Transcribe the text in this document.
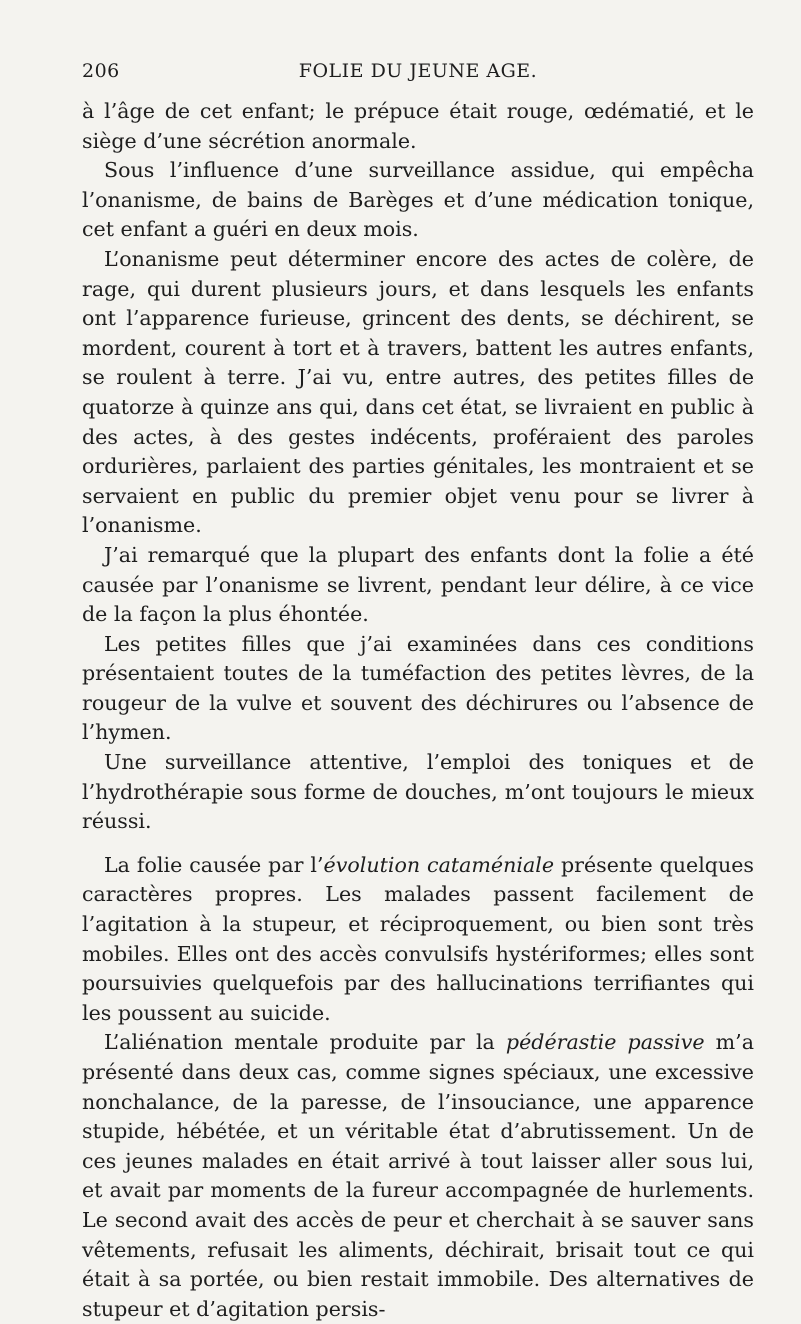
206	FOLIE DU JEUNE AGE.

à l’âge de cet enfant; le prépuce était rouge, œdématié, et le siège d’une sécrétion anormale.

Sous l’influence d’une surveillance assidue, qui empêcha l’onanisme, de bains de Barèges et d’une médication tonique, cet enfant a guéri en deux mois.

L’onanisme peut déterminer encore des actes de colère, de rage, qui durent plusieurs jours, et dans lesquels les enfants ont l’apparence furieuse, grincent des dents, se déchirent, se mordent, courent à tort et à travers, battent les autres enfants, se roulent à terre. J’ai vu, entre autres, des petites filles de quatorze à quinze ans qui, dans cet état, se livraient en public à des actes, à des gestes indécents, proféraient des paroles ordurières, parlaient des parties génitales, les montraient et se servaient en public du premier objet venu pour se livrer à l’onanisme.

J’ai remarqué que la plupart des enfants dont la folie a été causée par l’onanisme se livrent, pendant leur délire, à ce vice de la façon la plus éhontée.

Les petites filles que j’ai examinées dans ces conditions présentaient toutes de la tuméfaction des petites lèvres, de la rougeur de la vulve et souvent des déchirures ou l’absence de l’hymen.

Une surveillance attentive, l’emploi des toniques et de l’hydrothérapie sous forme de douches, m’ont toujours le mieux réussi.

La folie causée par l’évolution cataméniale présente quelques caractères propres. Les malades passent facilement de l’agitation à la stupeur, et réciproquement, ou bien sont très mobiles. Elles ont des accès convulsifs hystériformes; elles sont poursuivies quelquefois par des hallucinations terrifiantes qui les poussent au suicide.

L’aliénation mentale produite par la pédérastie passive m’a présenté dans deux cas, comme signes spéciaux, une excessive nonchalance, de la paresse, de l’insouciance, une apparence stupide, hébétée, et un véritable état d’abrutissement. Un de ces jeunes malades en était arrivé à tout laisser aller sous lui, et avait par moments de la fureur accompagnée de hurlements. Le second avait des accès de peur et cherchait à se sauver sans vêtements, refusait les aliments, déchirait, brisait tout ce qui était à sa portée, ou bien restait immobile. Des alternatives de stupeur et d’agitation persis-
